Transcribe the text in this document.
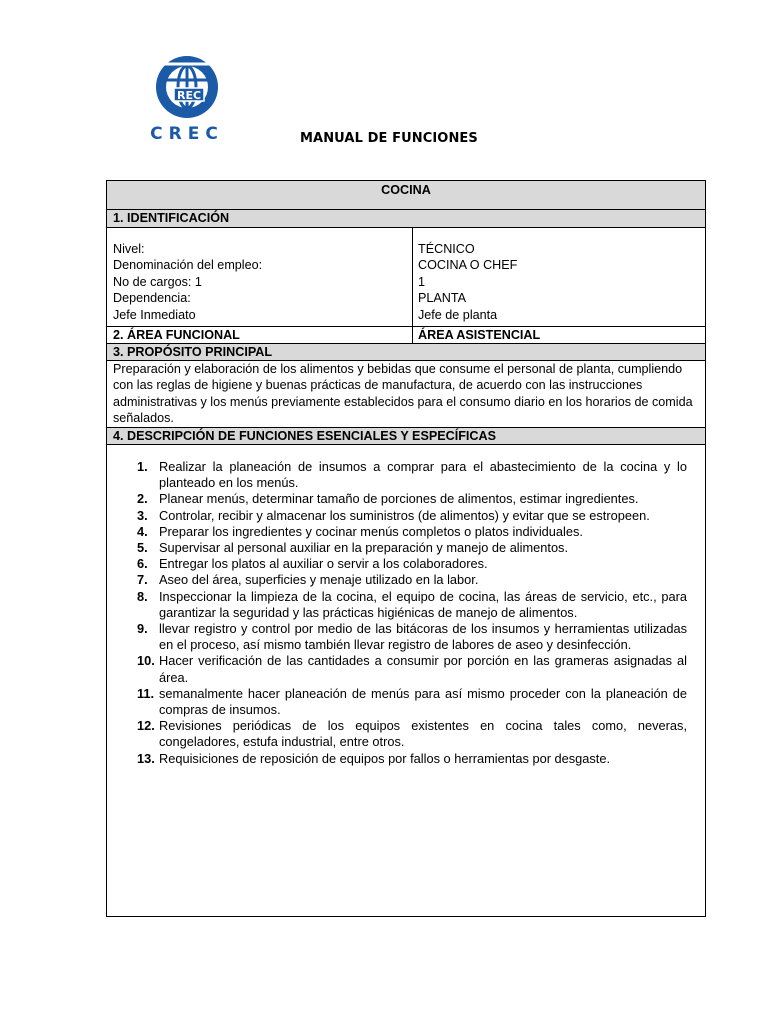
REC
CREC	MANUAL DE FUNCIONES
COCINA
1. IDENTIFICACIÓN
Nivel:
Denominación del empleo:
No de cargos: 1
Dependencia:
Jefe Inmediato
TÉCNICO
COCINA O CHEF
1
PLANTA
Jefe de planta
2. ÁREA FUNCIONAL	ÁREA ASISTENCIAL
3. PROPÓSITO PRINCIPAL
Preparación y elaboración de los alimentos y bebidas que consume el personal de planta, cumpliendo con las reglas de higiene y buenas prácticas de manufactura, de acuerdo con las instrucciones administrativas y los menús previamente establecidos para el consumo diario en los horarios de comida señalados.
4. DESCRIPCIÓN DE FUNCIONES ESENCIALES Y ESPECÍFICAS
1. Realizar la planeación de insumos a comprar para el abastecimiento de la cocina y lo planteado en los menús.
2. Planear menús, determinar tamaño de porciones de alimentos, estimar ingredientes.
3. Controlar, recibir y almacenar los suministros (de alimentos) y evitar que se estropeen.
4. Preparar los ingredientes y cocinar menús completos o platos individuales.
5. Supervisar al personal auxiliar en la preparación y manejo de alimentos.
6. Entregar los platos al auxiliar o servir a los colaboradores.
7. Aseo del área, superficies y menaje utilizado en la labor.
8. Inspeccionar la limpieza de la cocina, el equipo de cocina, las áreas de servicio, etc., para garantizar la seguridad y las prácticas higiénicas de manejo de alimentos.
9. llevar registro y control por medio de las bitácoras de los insumos y herramientas utilizadas en el proceso, así mismo también llevar registro de labores de aseo y desinfección.
10. Hacer verificación de las cantidades a consumir por porción en las grameras asignadas al área.
11. semanalmente hacer planeación de menús para así mismo proceder con la planeación de compras de insumos.
12. Revisiones periódicas de los equipos existentes en cocina tales como, neveras, congeladores, estufa industrial, entre otros.
13. Requisiciones de reposición de equipos por fallos o herramientas por desgaste.
